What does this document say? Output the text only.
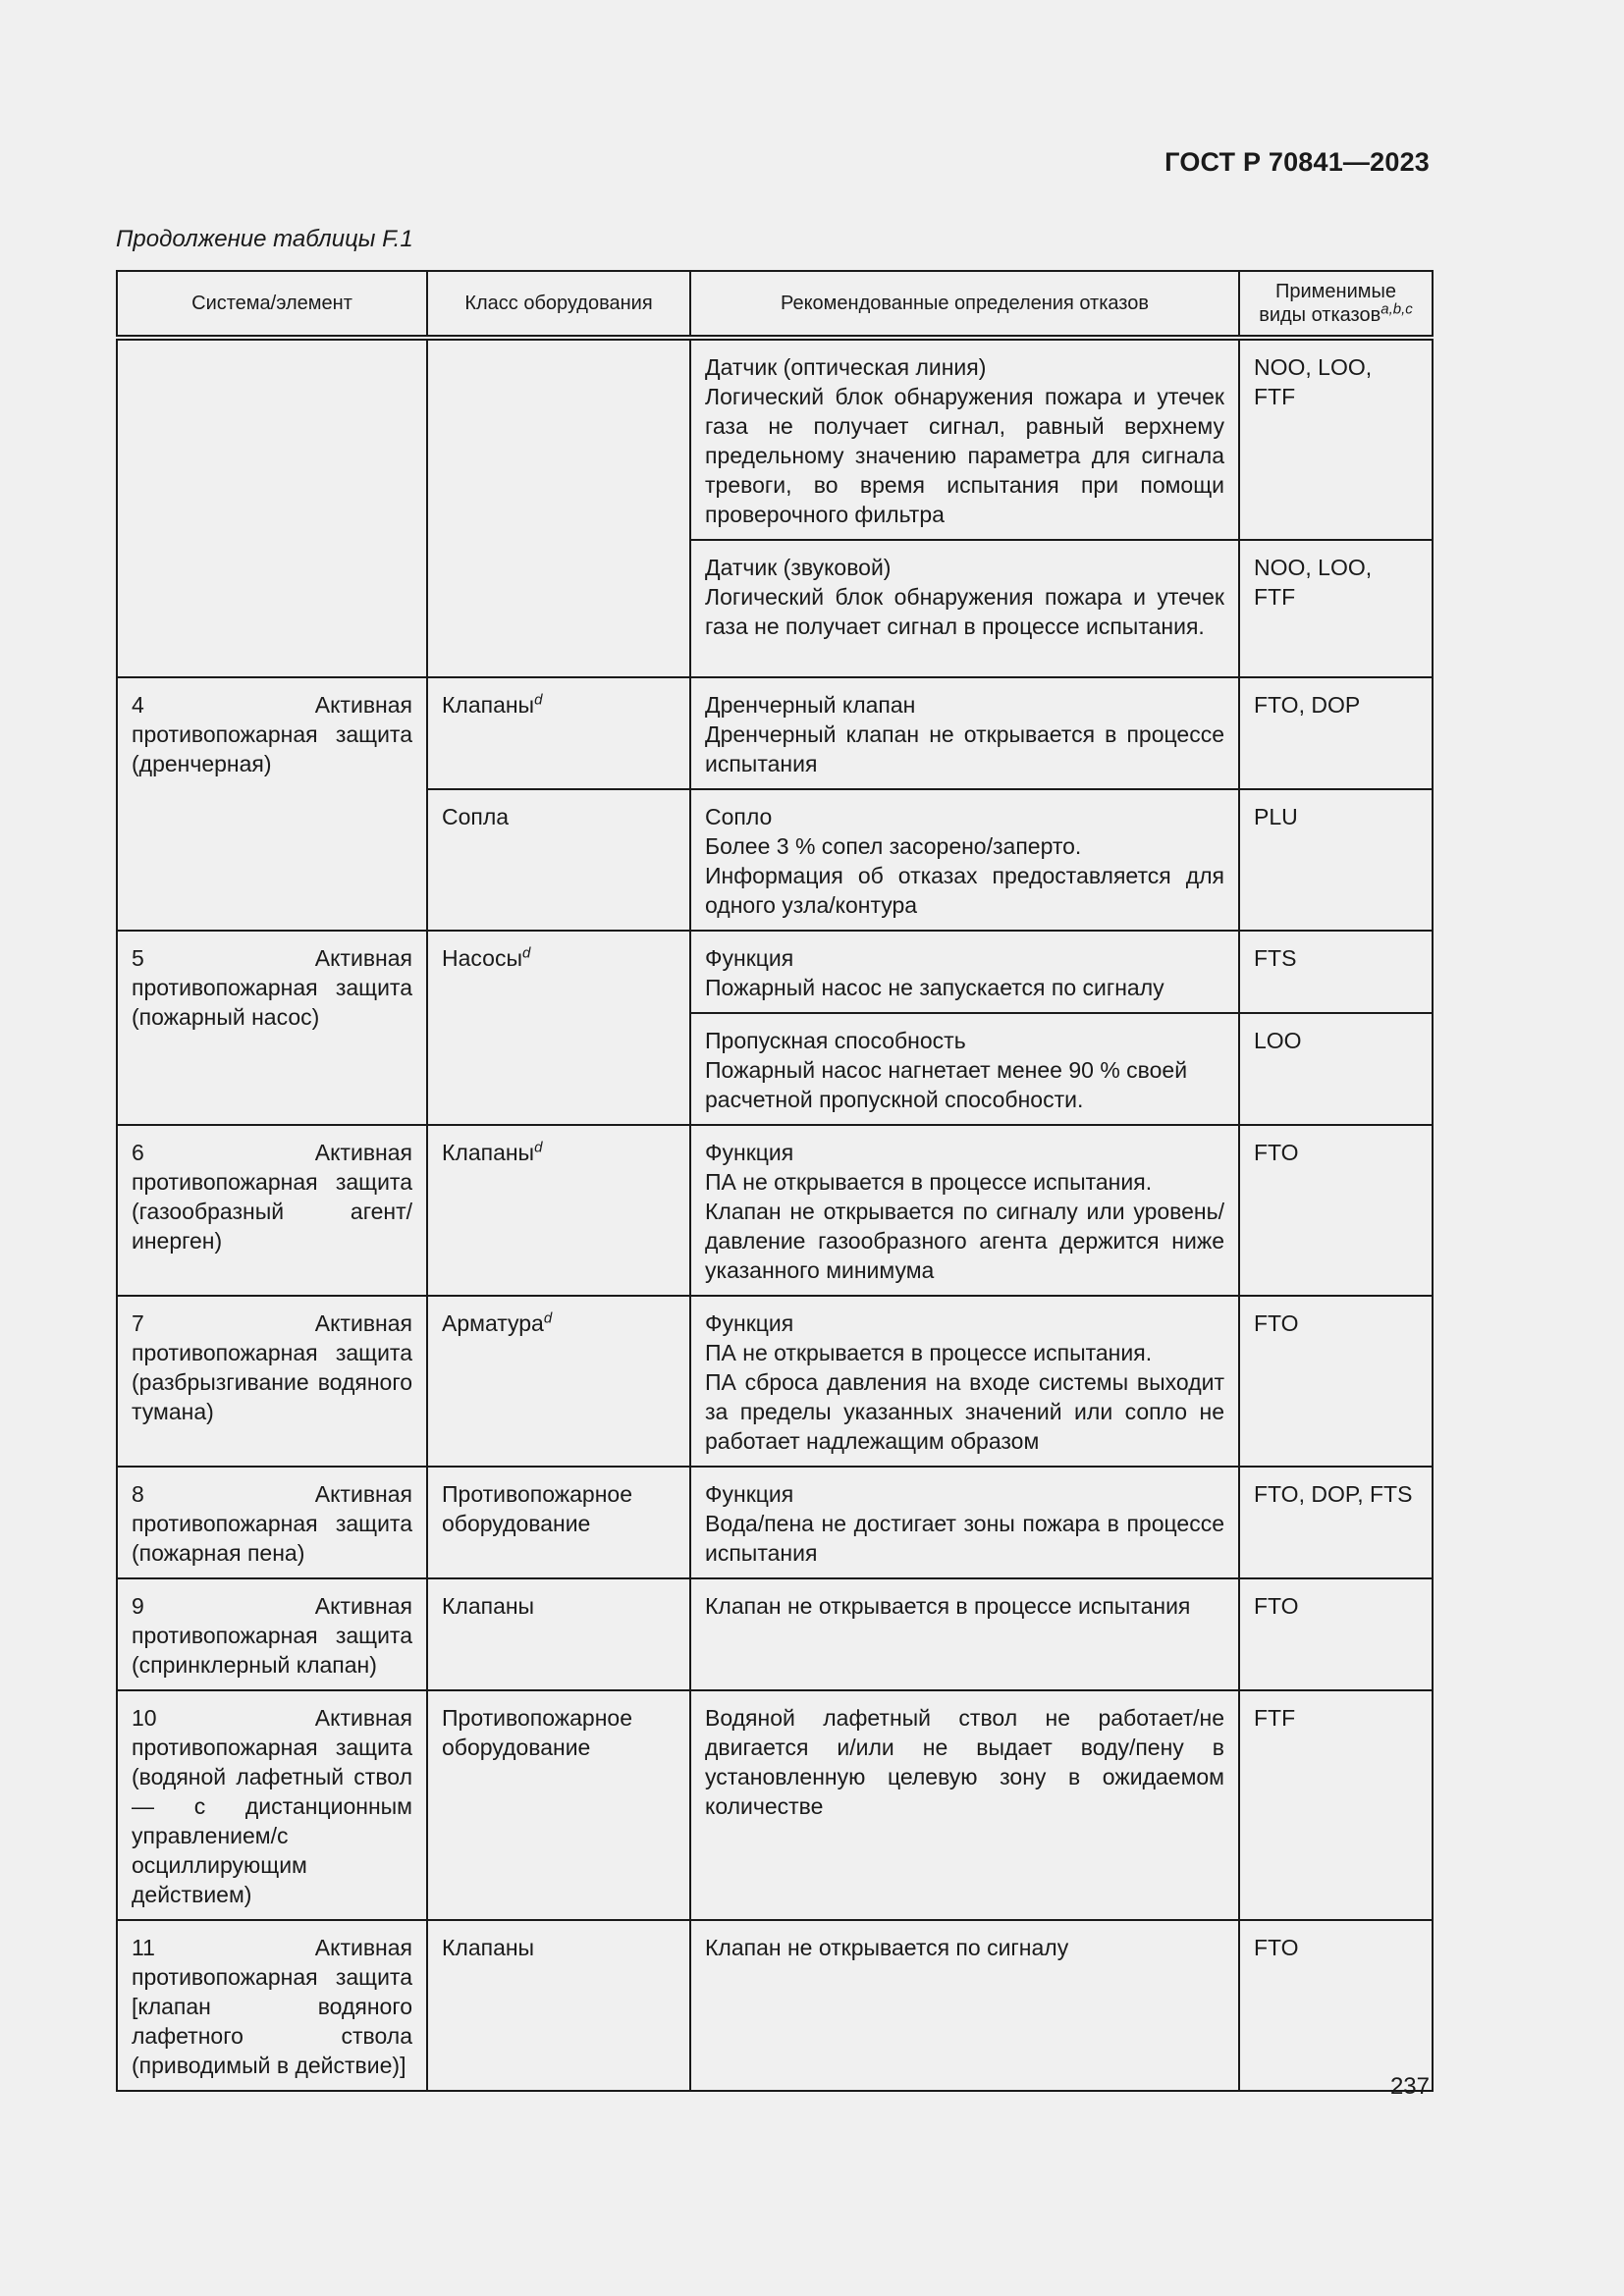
ГОСТ Р 70841—2023
Продолжение таблицы F.1
Система/элемент	Класс оборудования	Рекомендованные определения отказов	Применимые виды отказов$^{a,b,c}$

		Датчик (оптическая линия)
Логический блок обнаружения пожара и утечек газа не получает сигнал, равный верхнему предельному значению параметра для сигнала тревоги, во время испытания при помощи проверочного фильтра	NOO, LOO, FTF

		Датчик (звуковой)
Логический блок обнаружения пожара и утечек газа не получает сигнал в процессе испытания.	NOO, LOO, FTF
4 Активная противопожарная защита (дренчерная)	Клапаны$^d$	Дренчерный клапан
Дренчерный клапан не открывается в процессе испытания	FTO, DOP
	Сопла	Сопло
Более 3 % сопел засорено/заперто.
Информация об отказах предоставляется для одного узла/контура	PLU
5 Активная противопожарная защита (пожарный насос)	Насосы$^d$	Функция
Пожарный насос не запускается по сигналу	FTS

		Пропускная способность
Пожарный насос нагнетает менее 90 % своей расчетной пропускной способности.	LOO
6 Активная противопожарная защита (газообразный агент/инерген)	Клапаны$^d$	Функция
ПА не открывается в процессе испытания.
Клапан не открывается по сигналу или уровень/давление газообразного агента держится ниже указанного минимума	FTO
7 Активная противопожарная защита (разбрызгивание водяного тумана)	Арматура$^d$	Функция
ПА не открывается в процессе испытания.
ПА сброса давления на входе системы выходит за пределы указанных значений или сопло не работает надлежащим образом	FTO
8 Активная противопожарная защита (пожарная пена)	Противопожарное оборудование	Функция
Вода/пена не достигает зоны пожара в процессе испытания	FTO, DOP, FTS
9 Активная противопожарная защита (спринклерный клапан)	Клапаны	Клапан не открывается в процессе испытания	FTO
10 Активная противопожарная защита (водяной лафетный ствол — с дистанционным управлением/с осциллирующим действием)	Противопожарное оборудование	Водяной лафетный ствол не работает/не двигается и/или не выдает воду/пену в установленную целевую зону в ожидаемом количестве	FTF
11 Активная противопожарная защита [клапан водяного лафетного ствола (приводимый в действие)]	Клапаны	Клапан не открывается по сигналу	FTO
237
